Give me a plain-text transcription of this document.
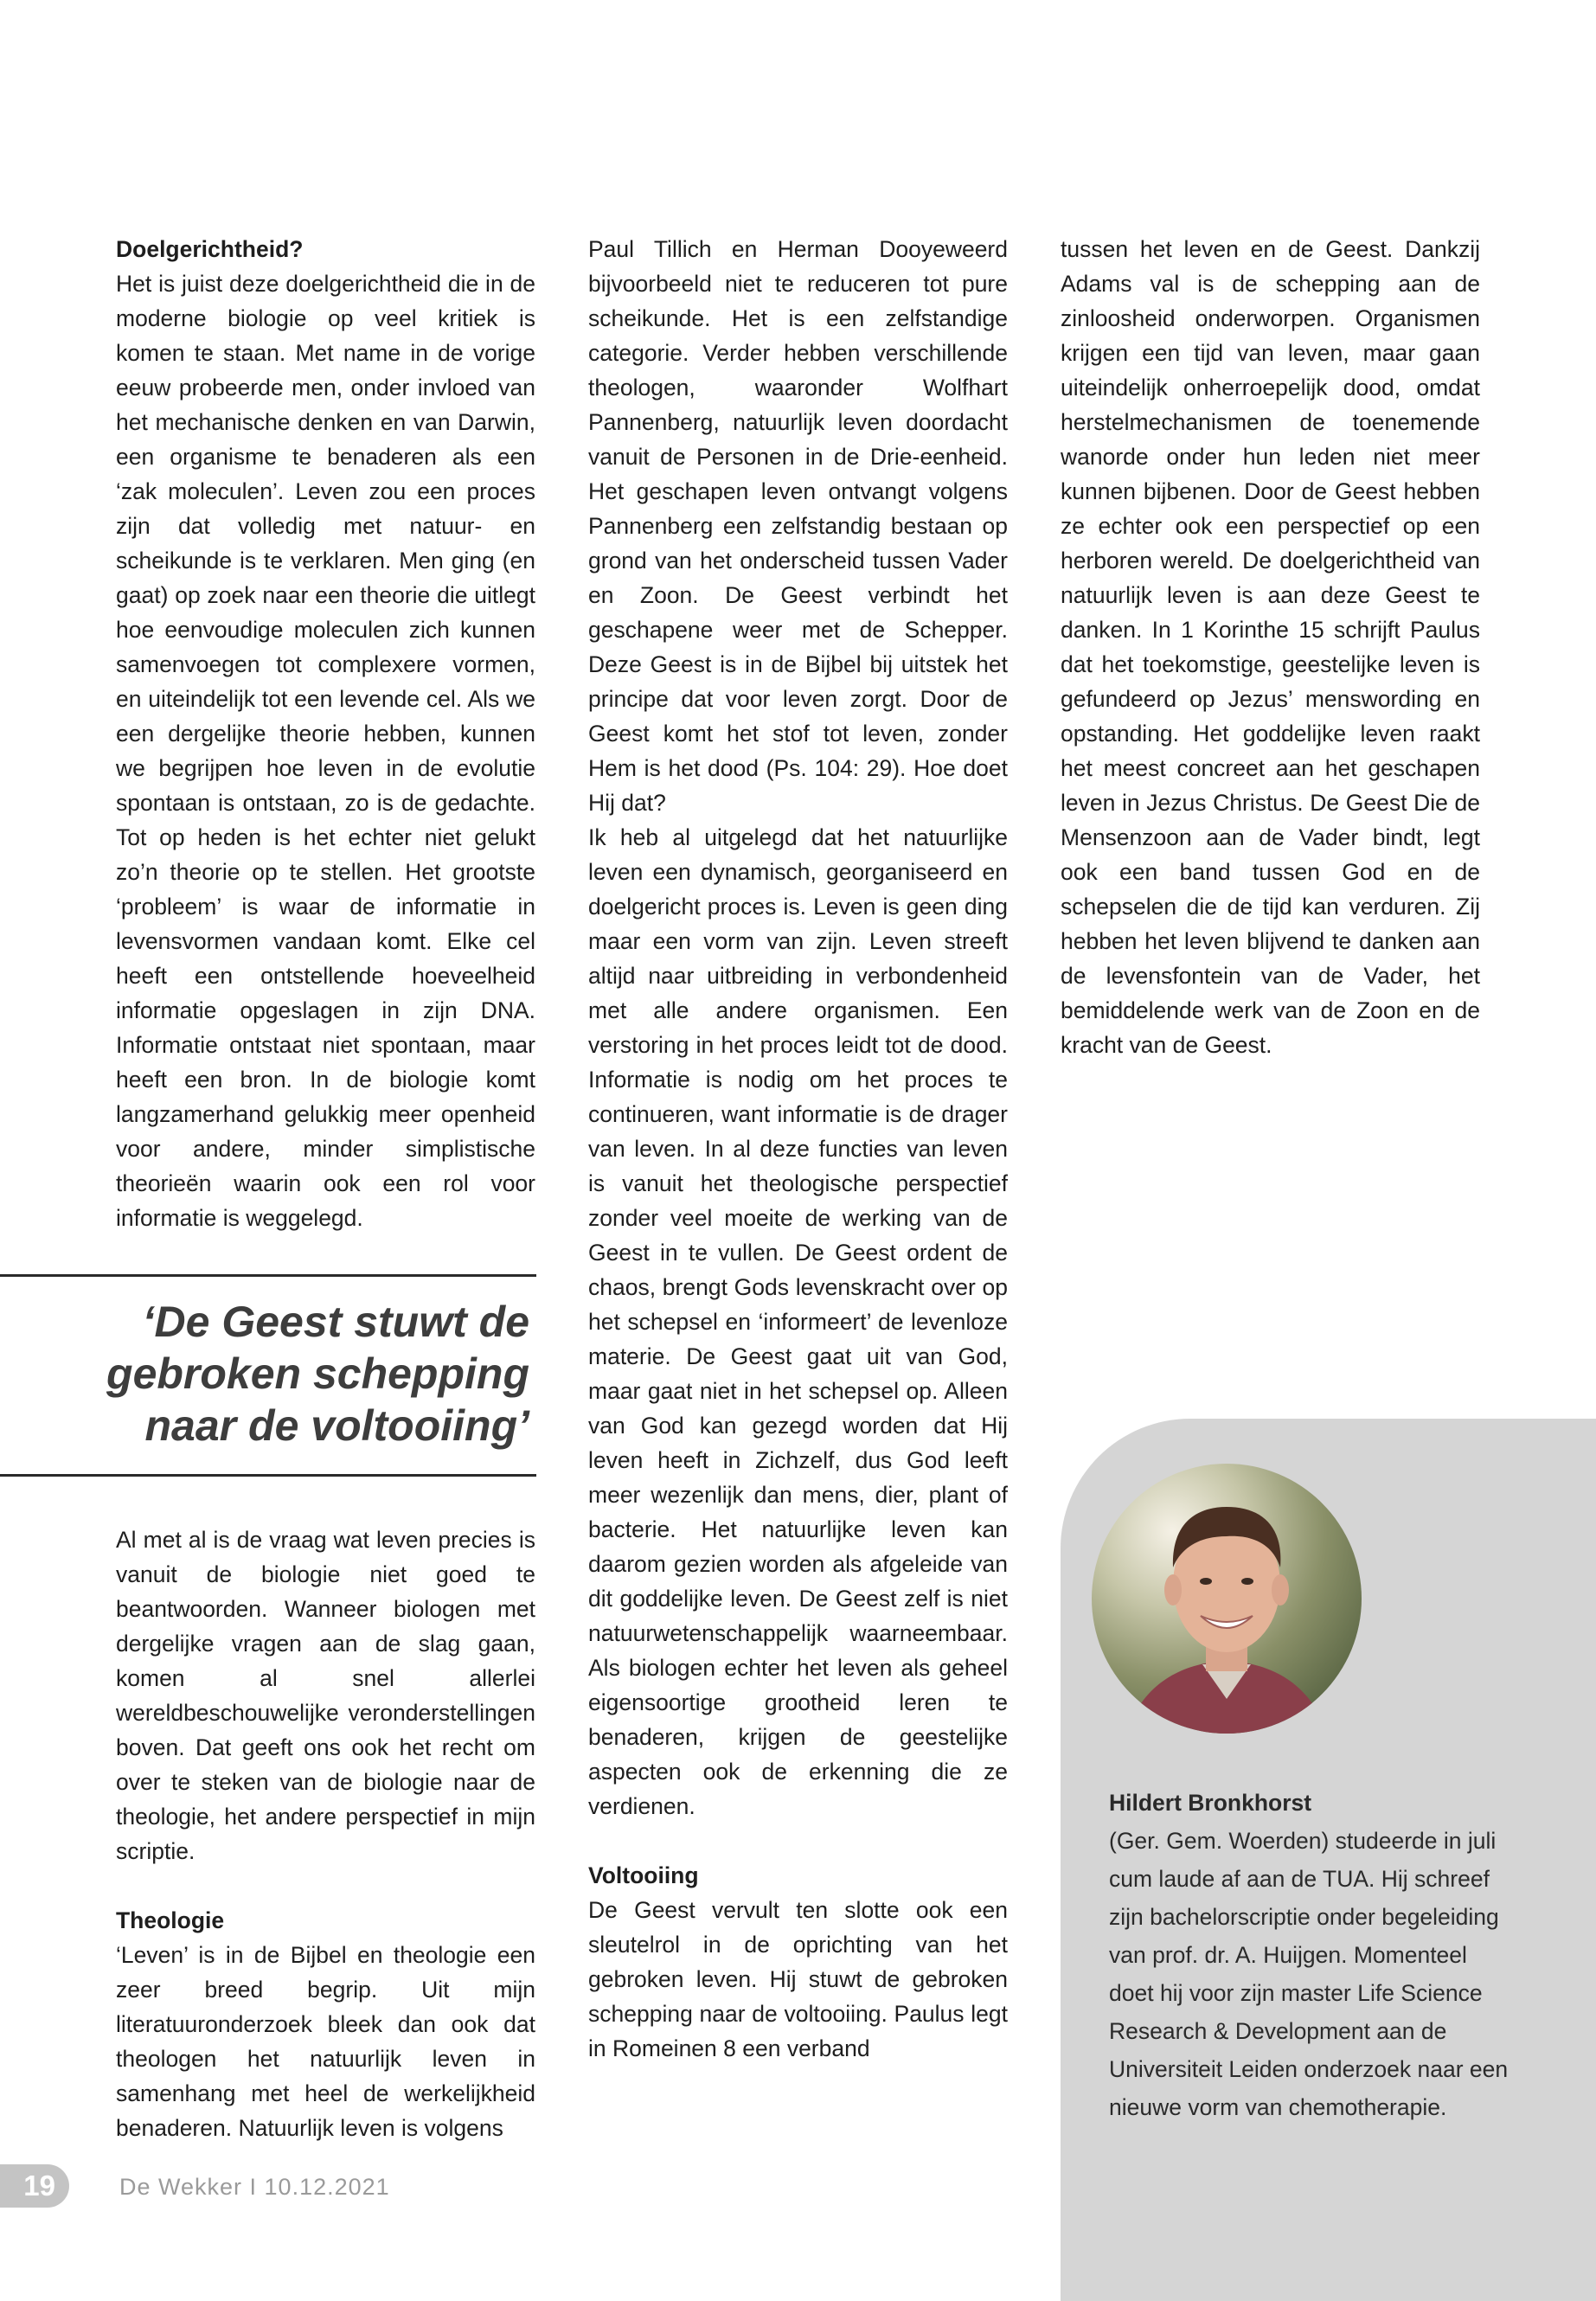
Doelgerichtheid?

Het is juist deze doelgerichtheid die in de moderne biologie op veel kritiek is komen te staan. Met name in de vorige eeuw probeerde men, onder invloed van het mechanische denken en van Darwin, een organisme te benaderen als een ‘zak moleculen’. Leven zou een proces zijn dat volledig met natuur- en scheikunde is te verklaren. Men ging (en gaat) op zoek naar een theorie die uitlegt hoe eenvoudige moleculen zich kunnen samenvoegen tot complexere vormen, en uiteindelijk tot een levende cel. Als we een dergelijke theorie hebben, kunnen we begrijpen hoe leven in de evolutie spontaan is ontstaan, zo is de gedachte. Tot op heden is het echter niet gelukt zo’n theorie op te stellen. Het grootste ‘probleem’ is waar de informatie in levensvormen vandaan komt. Elke cel heeft een ontstellende hoeveelheid informatie opgeslagen in zijn DNA. Informatie ontstaat niet spontaan, maar heeft een bron. In de biologie komt langzamerhand gelukkig meer openheid voor andere, minder simplistische theorieën waarin ook een rol voor informatie is weggelegd.

‘De Geest stuwt de gebroken schepping naar de voltooiing’

Al met al is de vraag wat leven precies is vanuit de biologie niet goed te beantwoorden. Wanneer biologen met dergelijke vragen aan de slag gaan, komen al snel allerlei wereldbeschouwelijke veronderstellingen boven. Dat geeft ons ook het recht om over te steken van de biologie naar de theologie, het andere perspectief in mijn scriptie.

Theologie

‘Leven’ is in de Bijbel en theologie een zeer breed begrip. Uit mijn literatuuronderzoek bleek dan ook dat theologen het natuurlijk leven in samenhang met heel de werkelijkheid benaderen. Natuurlijk leven is volgens

Paul Tillich en Herman Dooyeweerd bijvoorbeeld niet te reduceren tot pure scheikunde. Het is een zelfstandige categorie. Verder hebben verschillende theologen, waaronder Wolfhart Pannenberg, natuurlijk leven doordacht vanuit de Personen in de Drie-eenheid. Het geschapen leven ontvangt volgens Pannenberg een zelfstandig bestaan op grond van het onderscheid tussen Vader en Zoon. De Geest verbindt het geschapene weer met de Schepper. Deze Geest is in de Bijbel bij uitstek het principe dat voor leven zorgt. Door de Geest komt het stof tot leven, zonder Hem is het dood (Ps. 104: 29). Hoe doet Hij dat?

Ik heb al uitgelegd dat het natuurlijke leven een dynamisch, georganiseerd en doelgericht proces is. Leven is geen ding maar een vorm van zijn. Leven streeft altijd naar uitbreiding in verbondenheid met alle andere organismen. Een verstoring in het proces leidt tot de dood. Informatie is nodig om het proces te continueren, want informatie is de drager van leven. In al deze functies van leven is vanuit het theologische perspectief zonder veel moeite de werking van de Geest in te vullen. De Geest ordent de chaos, brengt Gods levenskracht over op het schepsel en ‘informeert’ de levenloze materie. De Geest gaat uit van God, maar gaat niet in het schepsel op. Alleen van God kan gezegd worden dat Hij leven heeft in Zichzelf, dus God leeft meer wezenlijk dan mens, dier, plant of bacterie. Het natuurlijke leven kan daarom gezien worden als afgeleide van dit goddelijke leven. De Geest zelf is niet natuurwetenschappelijk waarneembaar. Als biologen echter het leven als geheel eigensoortige grootheid leren te benaderen, krijgen de geestelijke aspecten ook de erkenning die ze verdienen.

Voltooiing

De Geest vervult ten slotte ook een sleutelrol in de oprichting van het gebroken leven. Hij stuwt de gebroken schepping naar de voltooiing. Paulus legt in Romeinen 8 een verband

tussen het leven en de Geest. Dankzij Adams val is de schepping aan de zinloosheid onderworpen. Organismen krijgen een tijd van leven, maar gaan uiteindelijk onherroepelijk dood, omdat herstelmechanismen de toenemende wanorde onder hun leden niet meer kunnen bijbenen. Door de Geest hebben ze echter ook een perspectief op een herboren wereld. De doelgerichtheid van natuurlijk leven is aan deze Geest te danken. In 1 Korinthe 15 schrijft Paulus dat het toekomstige, geestelijke leven is gefundeerd op Jezus’ menswording en opstanding. Het goddelijke leven raakt het meest concreet aan het geschapen leven in Jezus Christus. De Geest Die de Mensenzoon aan de Vader bindt, legt ook een band tussen God en de schepselen die de tijd kan verduren. Zij hebben het leven blijvend te danken aan de levensfontein van de Vader, het bemiddelende werk van de Zoon en de kracht van de Geest.

Hildert Bronkhorst

(Ger. Gem. Woerden) studeerde in juli cum laude af aan de TUA. Hij schreef zijn bachelorscriptie onder begeleiding van prof. dr. A. Huijgen. Momenteel doet hij voor zijn master Life Science Research & Development aan de Universiteit Leiden onderzoek naar een nieuwe vorm van chemotherapie.

19	De Wekker I 10.12.2021
